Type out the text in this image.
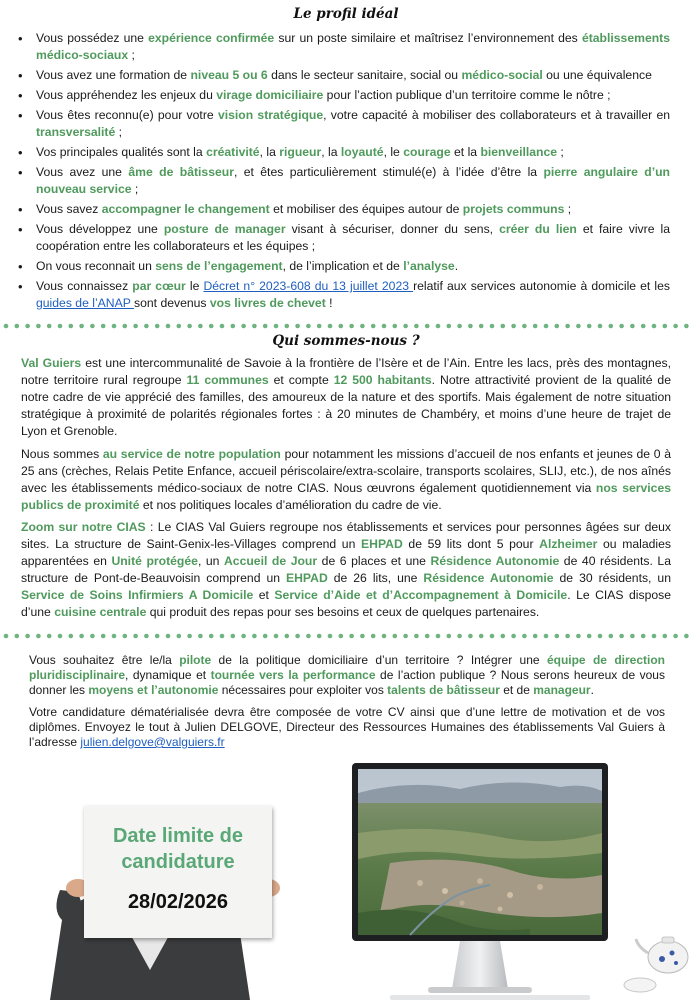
Le profil idéal
• Vous possédez une expérience confirmée sur un poste similaire et maîtrisez l’environnement des établissements médico-sociaux ;
• Vous avez une formation de niveau 5 ou 6 dans le secteur sanitaire, social ou médico-social ou une équivalence
• Vous appréhendez les enjeux du virage domiciliaire pour l’action publique d’un territoire comme le nôtre ;
• Vous êtes reconnu(e) pour votre vision stratégique, votre capacité à mobiliser des collaborateurs et à travailler en transversalité ;
• Vos principales qualités sont la créativité, la rigueur, la loyauté, le courage et la bienveillance ;
• Vous avez une âme de bâtisseur, et êtes particulièrement stimulé(e) à l’idée d’être la pierre angulaire d’un nouveau service ;
• Vous savez accompagner le changement et mobiliser des équipes autour de projets communs ;
• Vous développez une posture de manager visant à sécuriser, donner du sens, créer du lien et faire vivre la coopération entre les collaborateurs et les équipes ;
• On vous reconnait un sens de l’engagement, de l’implication et de l’analyse.
• Vous connaissez par cœur le Décret n° 2023-608 du 13 juillet 2023 relatif aux services autonomie à domicile et les guides de l’ANAP sont devenus vos livres de chevet !
Qui sommes-nous ?

Val Guiers est une intercommunalité de Savoie à la frontière de l’Isère et de l’Ain. Entre les lacs, près des montagnes, notre territoire rural regroupe 11 communes et compte 12 500 habitants. Notre attractivité provient de la qualité de notre cadre de vie apprécié des familles, des amoureux de la nature et des sportifs. Mais également de notre situation stratégique à proximité de polarités régionales fortes : à 20 minutes de Chambéry, et moins d’une heure de trajet de Lyon et Grenoble.

Nous sommes au service de notre population pour notamment les missions d’accueil de nos enfants et jeunes de 0 à 25 ans (crèches, Relais Petite Enfance, accueil périscolaire/extra-scolaire, transports scolaires, SLIJ, etc.), de nos aînés avec les établissements médico-sociaux de notre CIAS. Nous œuvrons également quotidiennement via nos services publics de proximité et nos politiques locales d’amélioration du cadre de vie.

Zoom sur notre CIAS : Le CIAS Val Guiers regroupe nos établissements et services pour personnes âgées sur deux sites. La structure de Saint-Genix-les-Villages comprend un EHPAD de 59 lits dont 5 pour Alzheimer ou maladies apparentées en Unité protégée, un Accueil de Jour de 6 places et une Résidence Autonomie de 40 résidents. La structure de Pont-de-Beauvoisin comprend un EHPAD de 26 lits, une Résidence Autonomie de 30 résidents, un Service de Soins Infirmiers A Domicile et Service d’Aide et d’Accompagnement à Domicile. Le CIAS dispose d’une cuisine centrale qui produit des repas pour ses besoins et ceux de quelques partenaires.

Vous souhaitez être le/la pilote de la politique domiciliaire d’un territoire ? Intégrer une équipe de direction pluridisciplinaire, dynamique et tournée vers la performance de l’action publique ? Nous serons heureux de vous donner les moyens et l’autonomie nécessaires pour exploiter vos talents de bâtisseur et de manageur.

Votre candidature dématérialisée devra être composée de votre CV ainsi que d’une lettre de motivation et de vos diplômes. Envoyez le tout à Julien DELGOVE, Directeur des Ressources Humaines des établissements Val Guiers à l’adresse julien.delgove@valguiers.fr

Date limite de
candidature
28/02/2026
